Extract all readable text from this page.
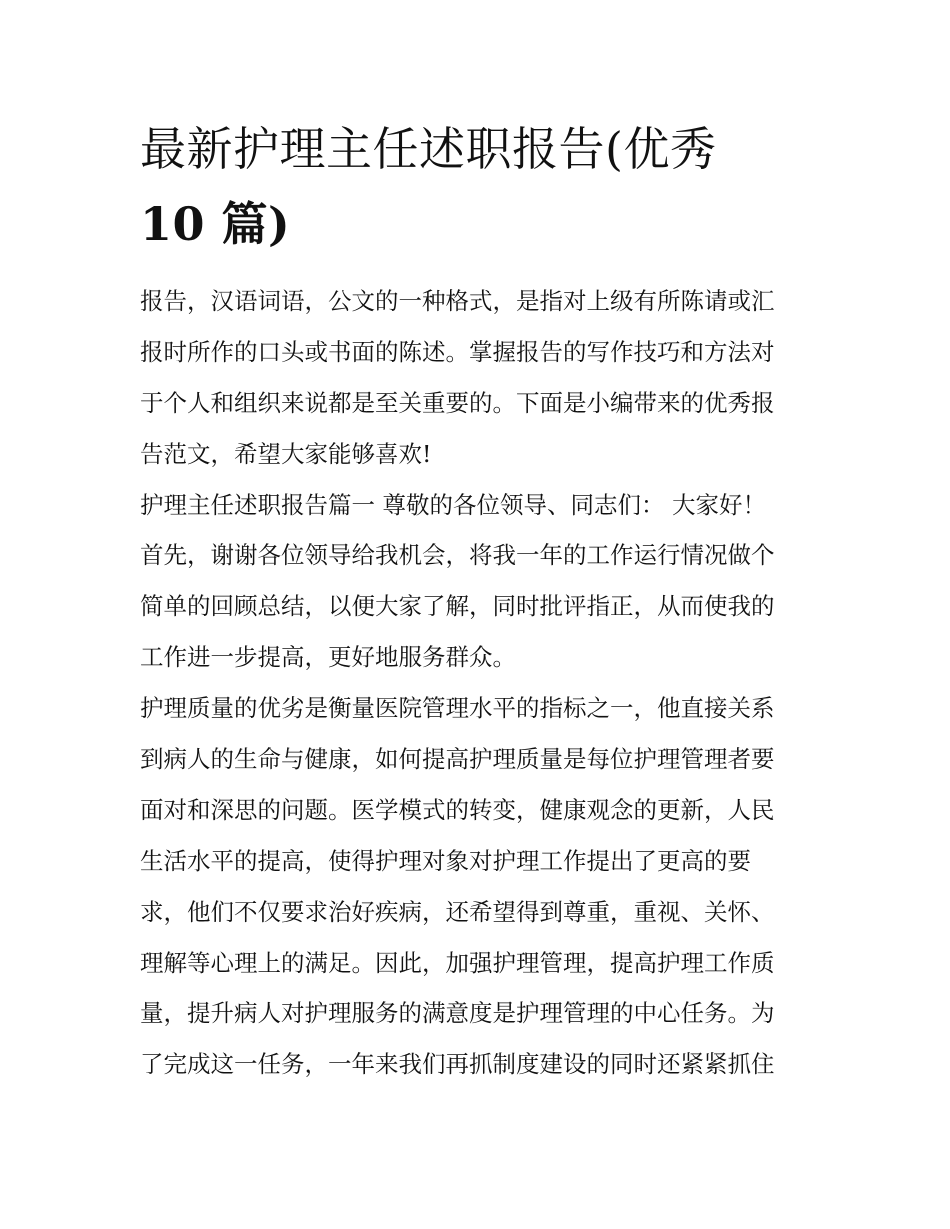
最新护理主任述职报告(优秀
10 篇)
报告，汉语词语，公文的一种格式，是指对上级有所陈请或汇
报时所作的口头或书面的陈述。掌握报告的写作技巧和方法对
于个人和组织来说都是至关重要的。下面是小编带来的优秀报
告范文，希望大家能够喜欢!
护理主任述职报告篇一 尊敬的各位领导、同志们： 大家好！
首先，谢谢各位领导给我机会，将我一年的工作运行情况做个
简单的回顾总结，以便大家了解，同时批评指正，从而使我的
工作进一步提高，更好地服务群众。
护理质量的优劣是衡量医院管理水平的指标之一，他直接关系
到病人的生命与健康，如何提高护理质量是每位护理管理者要
面对和深思的问题。医学模式的转变，健康观念的更新，人民
生活水平的提高，使得护理对象对护理工作提出了更高的要
求，他们不仅要求治好疾病，还希望得到尊重，重视、关怀、
理解等心理上的满足。因此，加强护理管理，提高护理工作质
量，提升病人对护理服务的满意度是护理管理的中心任务。为
了完成这一任务，一年来我们再抓制度建设的同时还紧紧抓住
